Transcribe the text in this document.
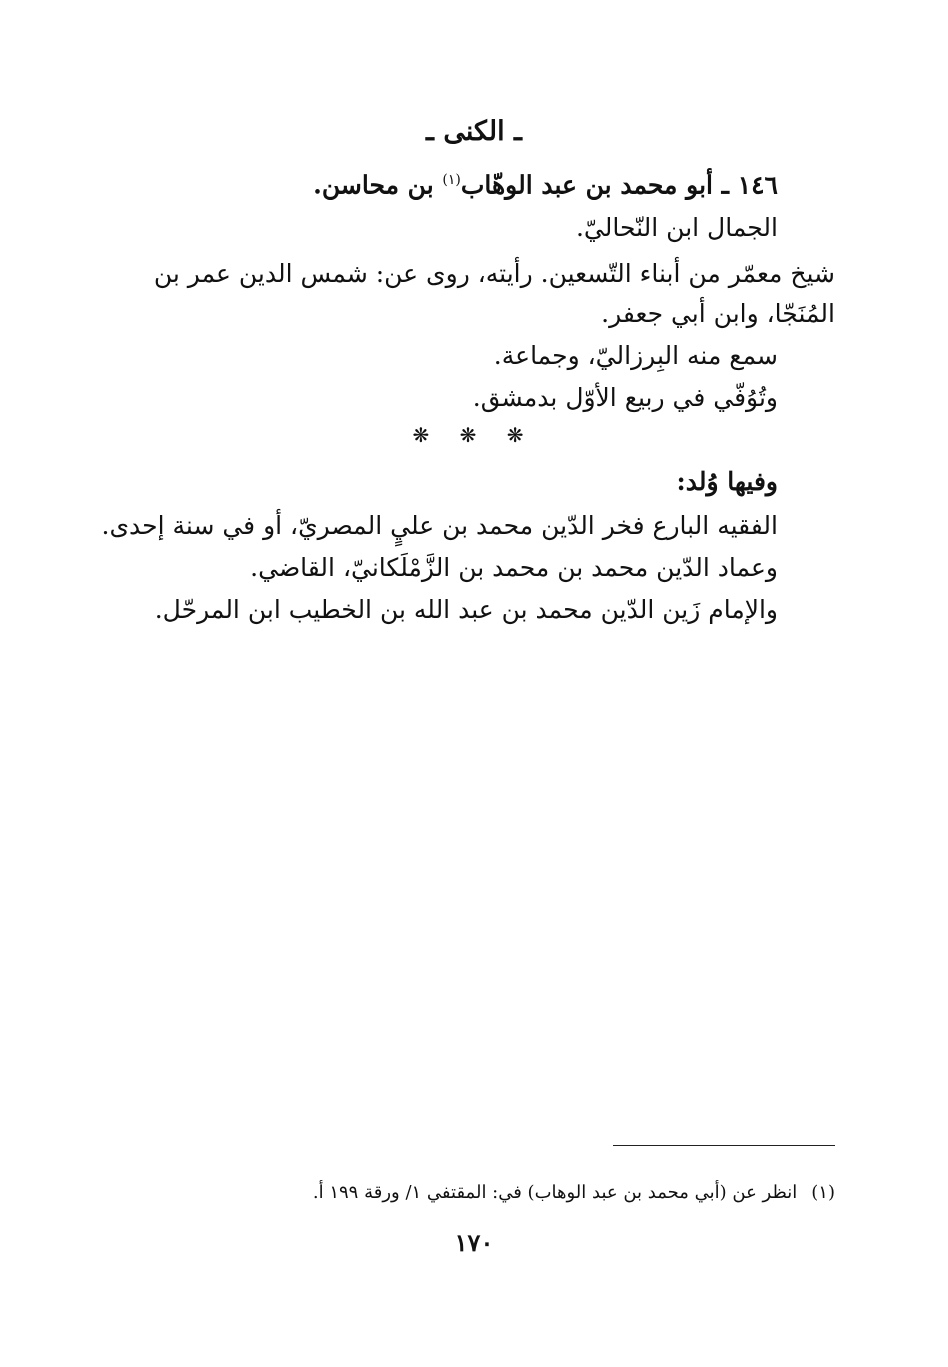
ـ الكنى ـ
١٤٦ ـ أبو محمد بن عبد الوهّاب$^{(١)}$ بن محاسن.

الجمال ابن النّحاليّ.

شيخ معمّر من أبناء التّسعين. رأيته، روى عن: شمس الدين عمر بن

المُنَجّا، وابن أبي جعفر.

سمع منه البِرزاليّ، وجماعة.

وتُوُفّي في ربيع الأوّل بدمشق.

❋ ❋ ❋

وفيها وُلد:

الفقيه البارع فخر الدّين محمد بن عليٍ المصريّ، أو في سنة إحدى.

وعماد الدّين محمد بن محمد بن الزَّمْلَكانيّ، القاضي.

والإمام زَين الدّين محمد بن عبد الله بن الخطيب ابن المرحّل.

(١)انظر عن (أبي محمد بن عبد الوهاب) في: المقتفي ١/ ورقة ١٩٩ أ.
١٧٠
